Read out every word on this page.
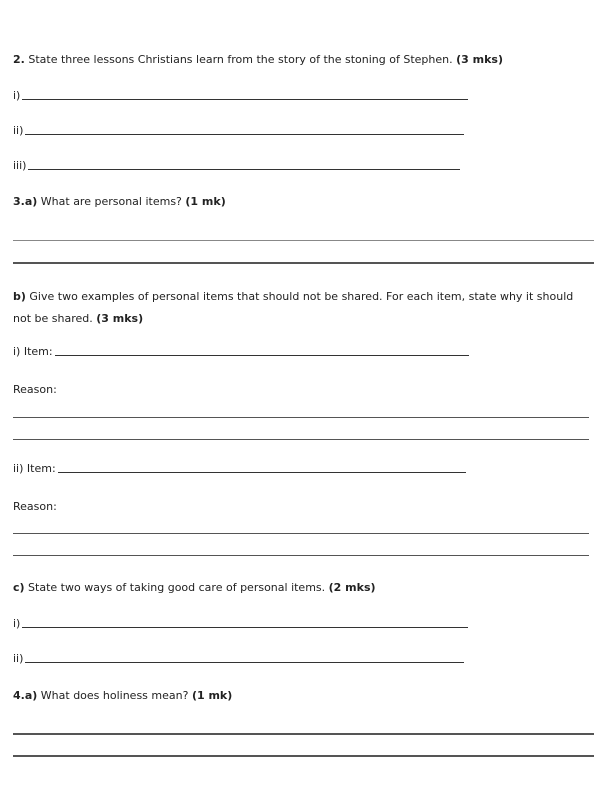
2. State three lessons Christians learn from the story of the stoning of Stephen. (3 mks)
i)
ii)
iii)
3.a) What are personal items? (1 mk)
b) Give two examples of personal items that should not be shared. For each item, state why it should not be shared. (3 mks)
i) Item:
Reason:
ii) Item:
Reason:
c) State two ways of taking good care of personal items. (2 mks)
i)
ii)
4.a) What does holiness mean? (1 mk)
